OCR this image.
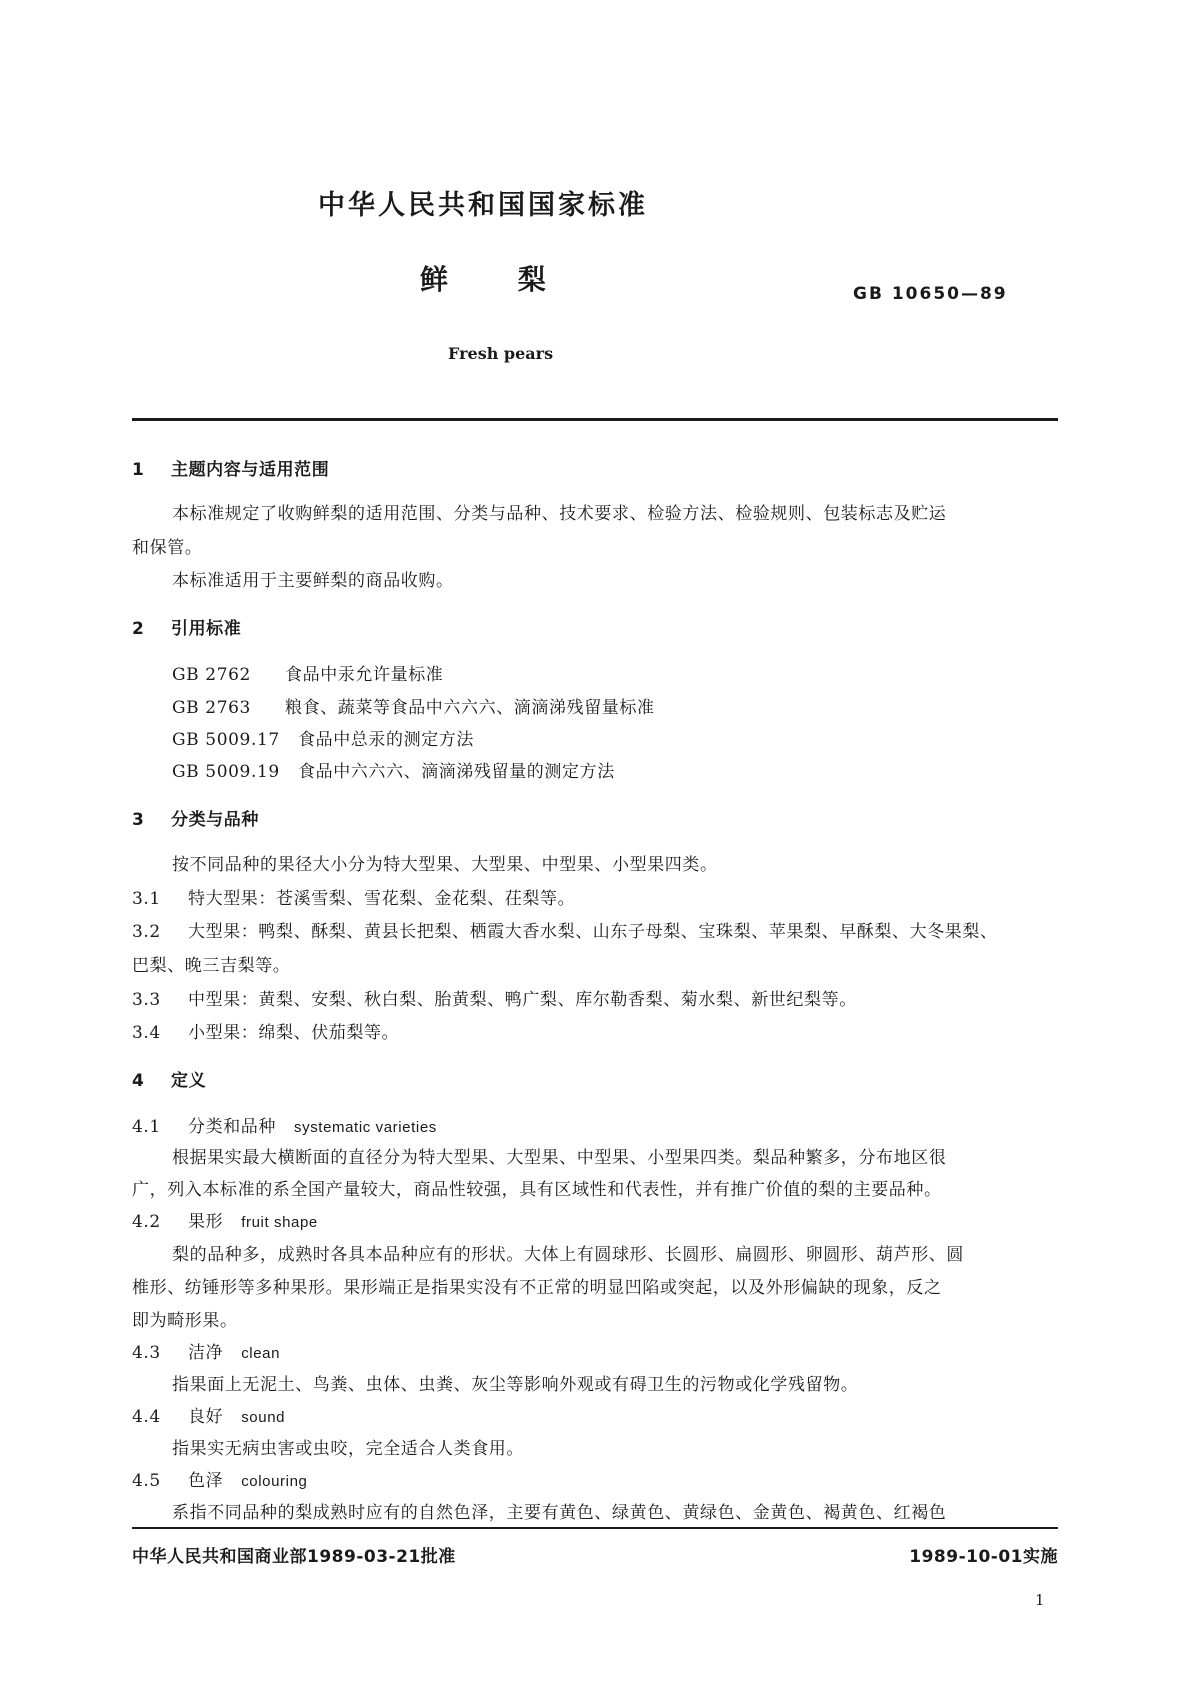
中华人民共和国国家标准
鲜 梨	GB 10650—89
Fresh pears
1 主题内容与适用范围
本标准规定了收购鲜梨的适用范围、分类与品种、技术要求、检验方法、检验规则、包装标志及贮运
和保管。
本标准适用于主要鲜梨的商品收购。
2 引用标准
GB 2762 食品中汞允许量标准
GB 2763 粮食、蔬菜等食品中六六六、滴滴涕残留量标准
GB 5009.17 食品中总汞的测定方法
GB 5009.19 食品中六六六、滴滴涕残留量的测定方法
3 分类与品种
按不同品种的果径大小分为特大型果、大型果、中型果、小型果四类。
3.1 特大型果：苍溪雪梨、雪花梨、金花梨、茌梨等。
3.2 大型果：鸭梨、酥梨、黄县长把梨、栖霞大香水梨、山东子母梨、宝珠梨、苹果梨、早酥梨、大冬果梨、
巴梨、晚三吉梨等。
3.3 中型果：黄梨、安梨、秋白梨、胎黄梨、鸭广梨、库尔勒香梨、菊水梨、新世纪梨等。
3.4 小型果：绵梨、伏茄梨等。
4 定义
4.1 分类和品种 systematic varieties
根据果实最大横断面的直径分为特大型果、大型果、中型果、小型果四类。梨品种繁多，分布地区很
广，列入本标准的系全国产量较大，商品性较强，具有区域性和代表性，并有推广价值的梨的主要品种。
4.2 果形 fruit shape
梨的品种多，成熟时各具本品种应有的形状。大体上有圆球形、长圆形、扁圆形、卵圆形、葫芦形、圆
椎形、纺锤形等多种果形。果形端正是指果实没有不正常的明显凹陷或突起，以及外形偏缺的现象，反之
即为畸形果。
4.3 洁净 clean
指果面上无泥土、鸟粪、虫体、虫粪、灰尘等影响外观或有碍卫生的污物或化学残留物。
4.4 良好 sound
指果实无病虫害或虫咬，完全适合人类食用。
4.5 色泽 colouring
系指不同品种的梨成熟时应有的自然色泽，主要有黄色、绿黄色、黄绿色、金黄色、褐黄色、红褐色
中华人民共和国商业部1989-03-21批准	1989-10-01实施
1
